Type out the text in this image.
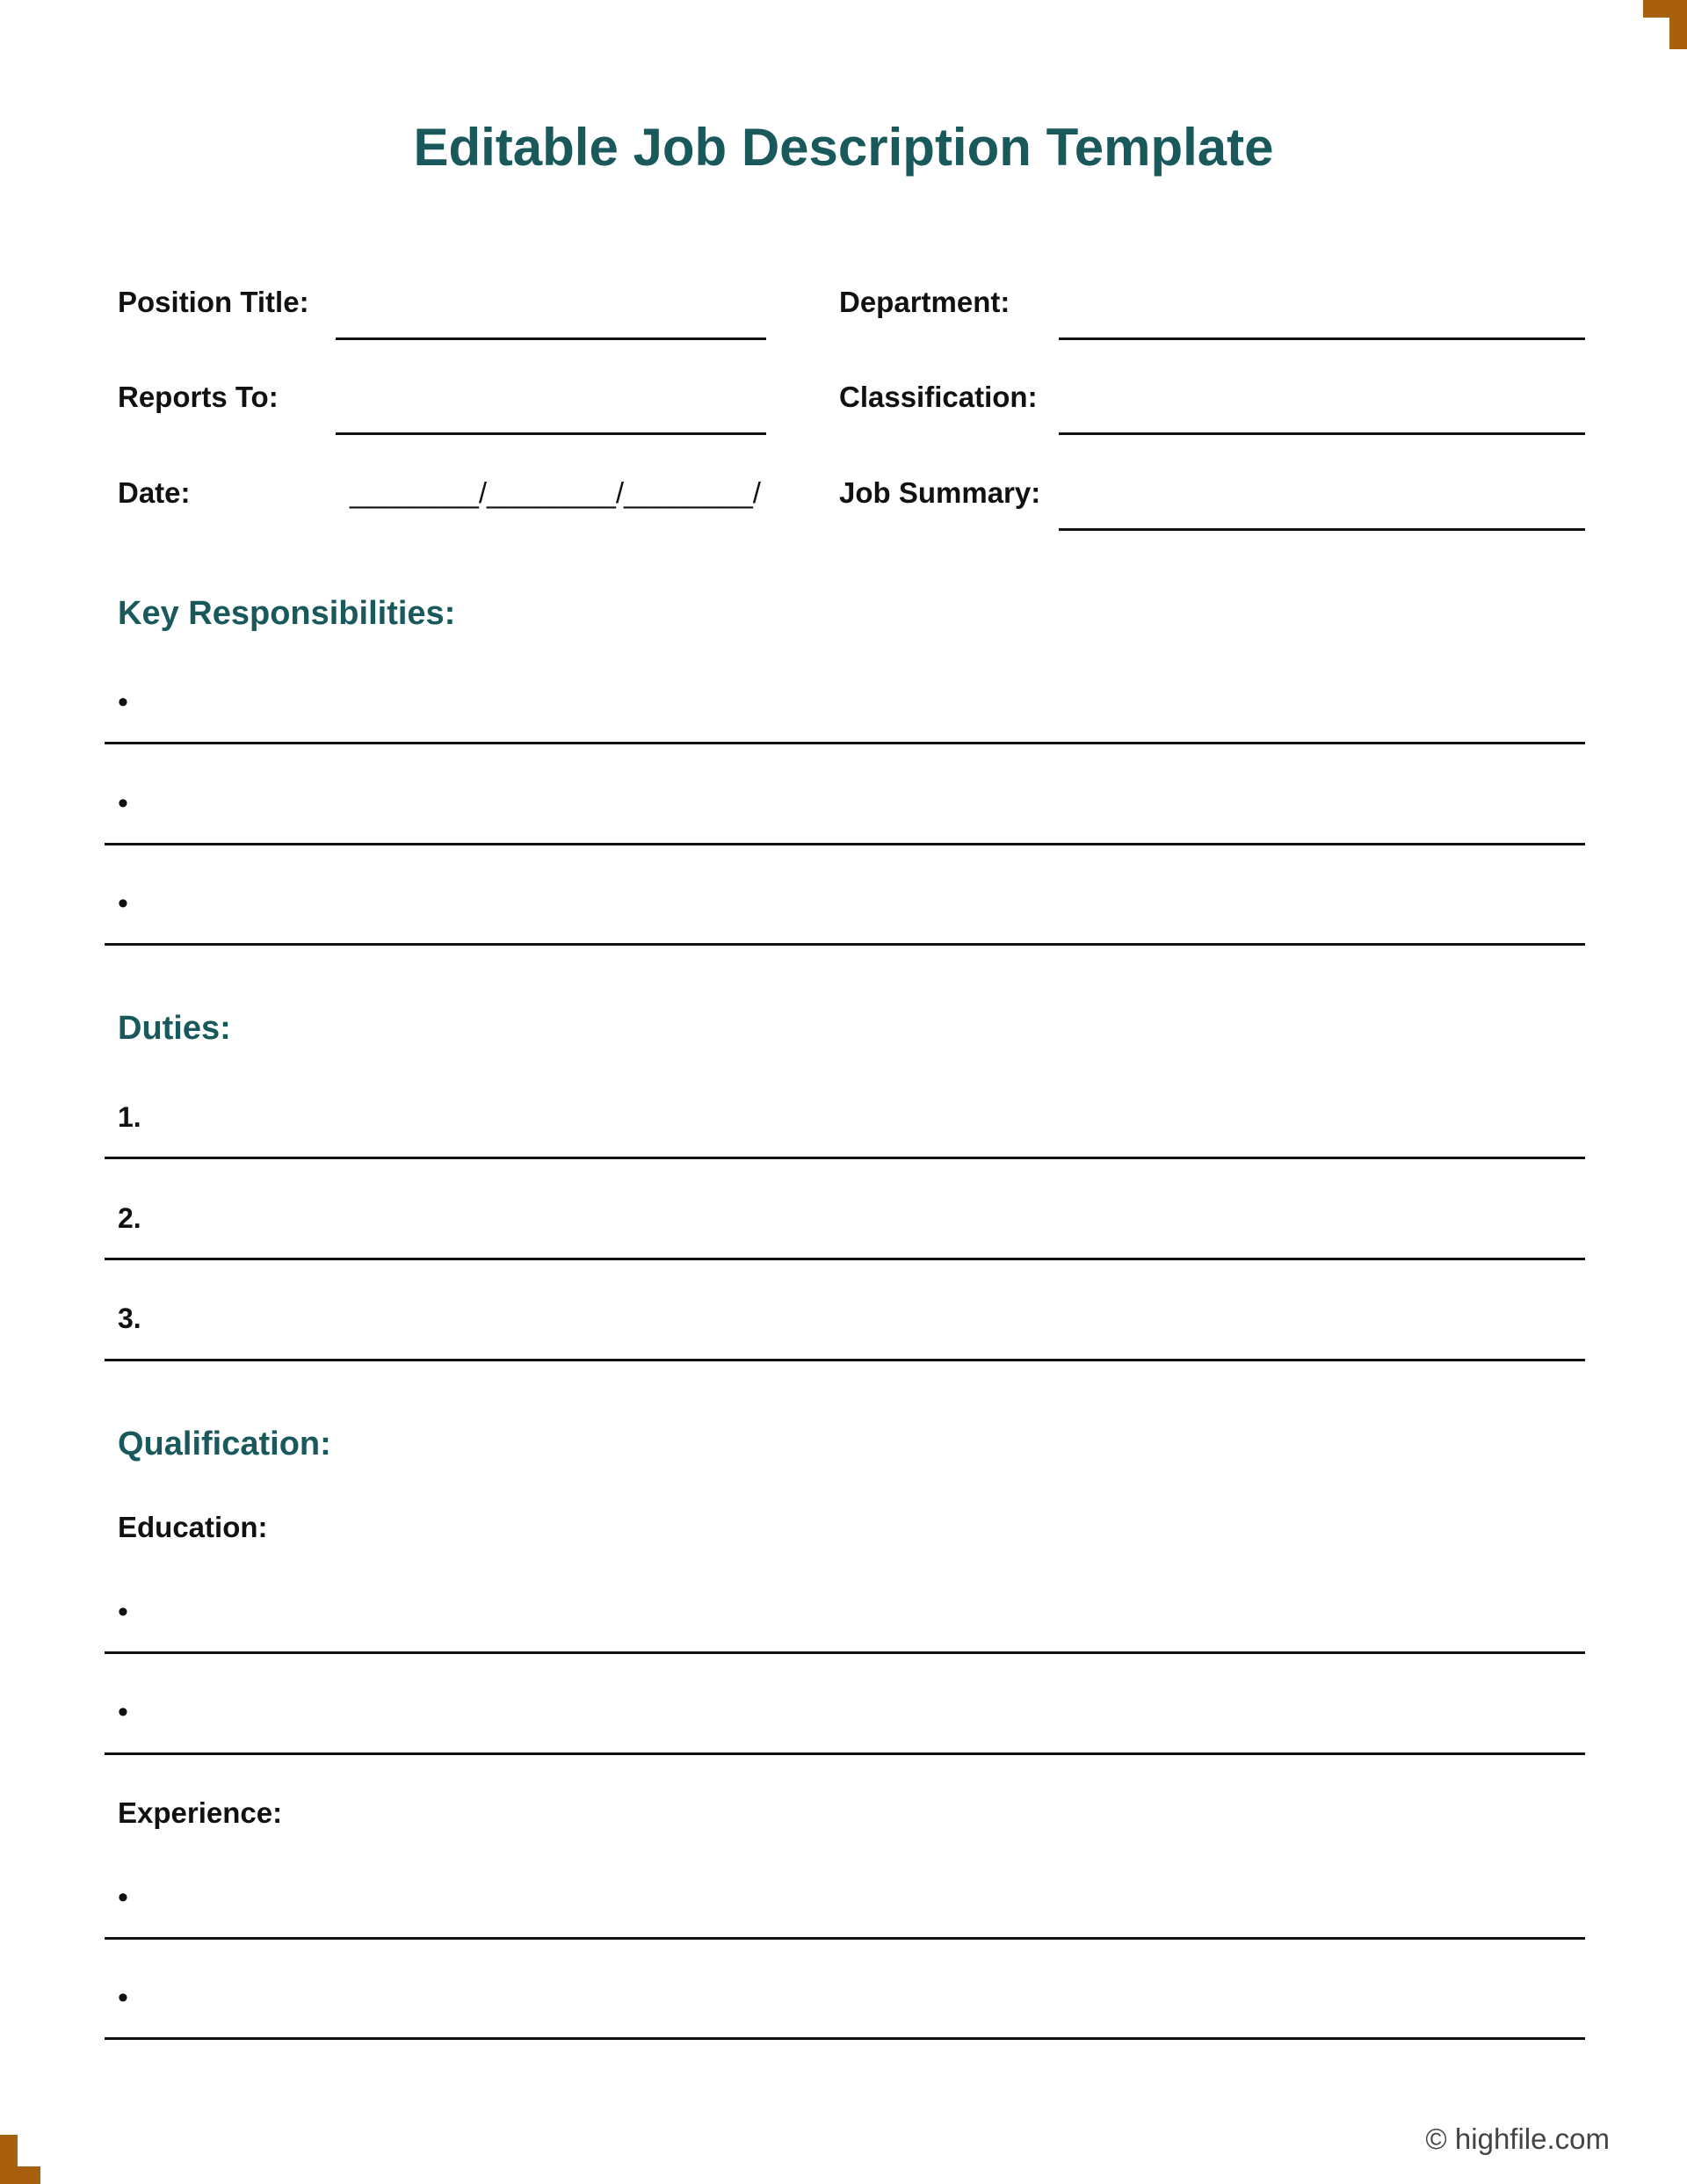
Editable Job Description Template
Position Title:	Department:
Reports To:	Classification:
Date:	________/________/________/	Job Summary:
Key Responsibilities:
•
•
•
Duties:
1.
2.
3.
Qualification:
Education:
•
•
Experience:
•
•
© highfile.com
